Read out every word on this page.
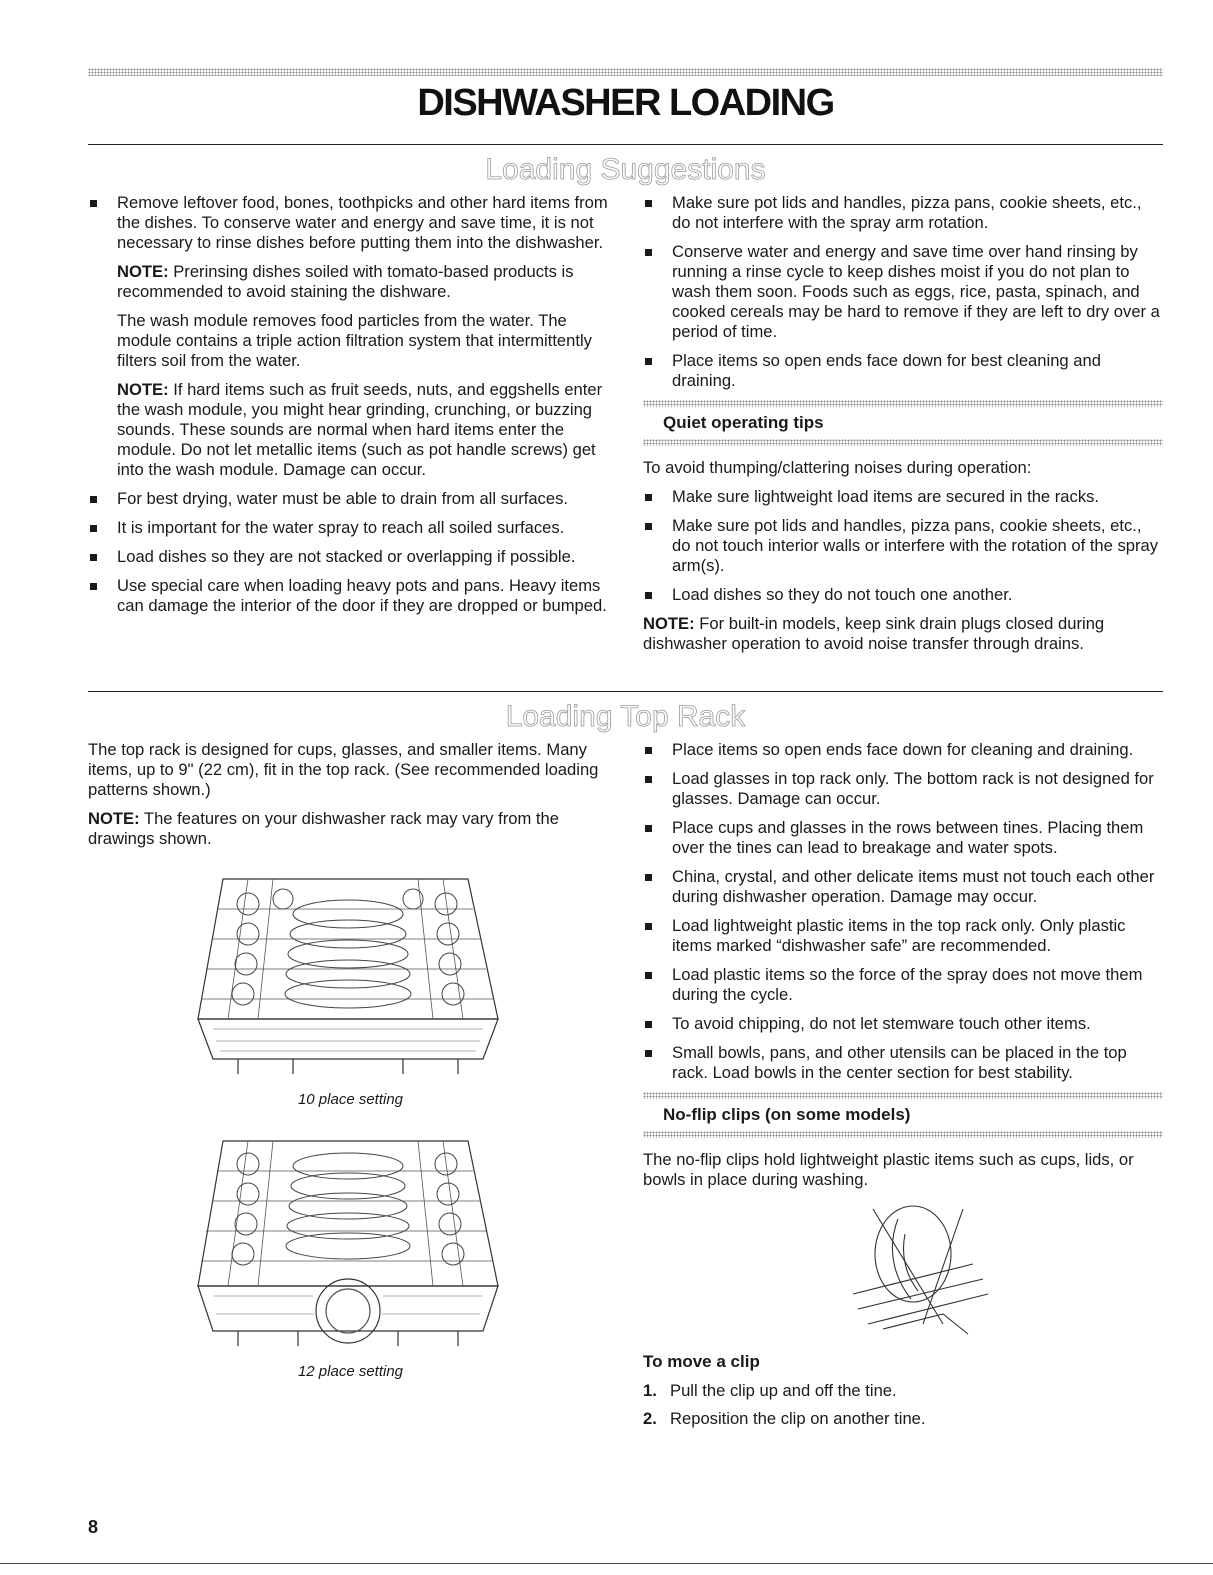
DISHWASHER LOADING
Loading Suggestions
Remove leftover food, bones, toothpicks and other hard items from the dishes. To conserve water and energy and save time, it is not necessary to rinse dishes before putting them into the dishwasher.

NOTE: Prerinsing dishes soiled with tomato-based products is recommended to avoid staining the dishware.

The wash module removes food particles from the water. The module contains a triple action filtration system that intermittently filters soil from the water.

NOTE: If hard items such as fruit seeds, nuts, and eggshells enter the wash module, you might hear grinding, crunching, or buzzing sounds. These sounds are normal when hard items enter the module. Do not let metallic items (such as pot handle screws) get into the wash module. Damage can occur.

For best drying, water must be able to drain from all surfaces.
It is important for the water spray to reach all soiled surfaces.
Load dishes so they are not stacked or overlapping if possible.
Use special care when loading heavy pots and pans. Heavy items can damage the interior of the door if they are dropped or bumped.
Make sure pot lids and handles, pizza pans, cookie sheets, etc., do not interfere with the spray arm rotation.
Conserve water and energy and save time over hand rinsing by running a rinse cycle to keep dishes moist if you do not plan to wash them soon. Foods such as eggs, rice, pasta, spinach, and cooked cereals may be hard to remove if they are left to dry over a period of time.
Place items so open ends face down for best cleaning and draining.
Quiet operating tips

To avoid thumping/clattering noises during operation:

Make sure lightweight load items are secured in the racks.
Make sure pot lids and handles, pizza pans, cookie sheets, etc., do not touch interior walls or interfere with the rotation of the spray arm(s).
Load dishes so they do not touch one another.

NOTE: For built-in models, keep sink drain plugs closed during dishwasher operation to avoid noise transfer through drains.

Loading Top Rack

The top rack is designed for cups, glasses, and smaller items. Many items, up to 9" (22 cm), fit in the top rack. (See recommended loading patterns shown.)

NOTE: The features on your dishwasher rack may vary from the drawings shown.

10 place setting
12 place setting
Place items so open ends face down for cleaning and draining.
Load glasses in top rack only. The bottom rack is not designed for glasses. Damage can occur.
Place cups and glasses in the rows between tines. Placing them over the tines can lead to breakage and water spots.
China, crystal, and other delicate items must not touch each other during dishwasher operation. Damage may occur.
Load lightweight plastic items in the top rack only. Only plastic items marked “dishwasher safe” are recommended.
Load plastic items so the force of the spray does not move them during the cycle.
To avoid chipping, do not let stemware touch other items.
Small bowls, pans, and other utensils can be placed in the top rack. Load bowls in the center section for best stability.
No-flip clips (on some models)

The no-flip clips hold lightweight plastic items such as cups, lids, or bowls in place during washing.

To move a clip

1. Pull the clip up and off the tine.
2. Reposition the clip on another tine.

8
